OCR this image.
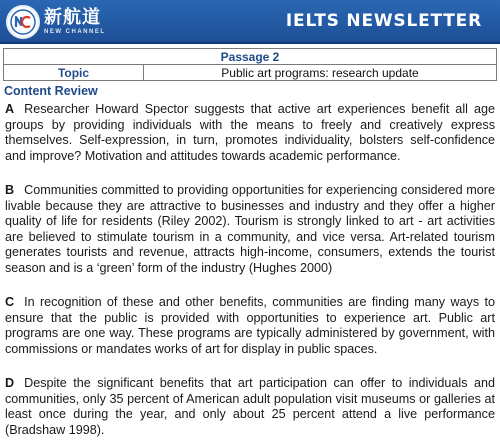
新航道
NEW CHANNEL
IELTS NEWSLETTER
Passage 2
Topic	Public art programs: research update
Content Review
A Researcher Howard Spector suggests that active art experiences benefit all age groups by providing individuals with the means to freely and creatively express themselves. Self-expression, in turn, promotes individuality, bolsters self-confidence and improve? Motivation and attitudes towards academic performance.
B Communities committed to providing opportunities for experiencing considered more livable because they are attractive to businesses and industry and they offer a higher quality of life for residents (Riley 2002). Tourism is strongly linked to art - art activities are believed to stimulate tourism in a community, and vice versa. Art-related tourism generates tourists and revenue, attracts high-income, consumers, extends the tourist season and is a ‘green’ form of the industry (Hughes 2000)
C In recognition of these and other benefits, communities are finding many ways to ensure that the public is provided with opportunities to experience art. Public art programs are one way. These programs are typically administered by government, with commissions or mandates works of art for display in public spaces.
D Despite the significant benefits that art participation can offer to individuals and communities, only 35 percent of American adult population visit museums or galleries at least once during the year, and only about 25 percent attend a live performance (Bradshaw 1998).
